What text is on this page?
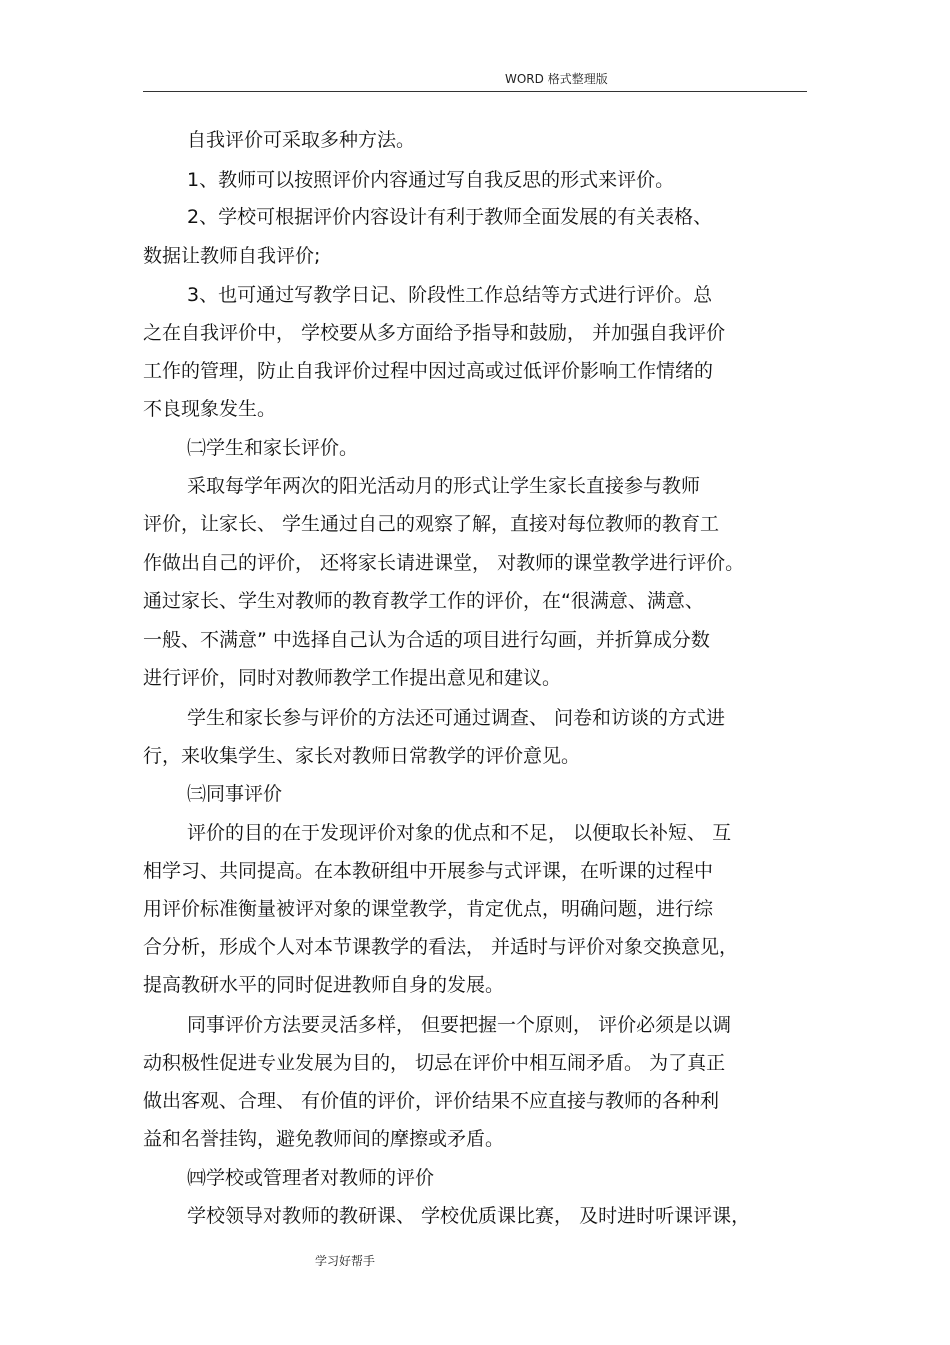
WORD 格式整理版
自我评价可采取多种方法。
1、教师可以按照评价内容通过写自我反思的形式来评价。
2、学校可根据评价内容设计有利于教师全面发展的有关表格、
数据让教师自我评价;
3、也可通过写教学日记、阶段性工作总结等方式进行评价。总
之在自我评价中， 学校要从多方面给予指导和鼓励， 并加强自我评价
工作的管理，防止自我评价过程中因过高或过低评价影响工作情绪的
不良现象发生。
㈡学生和家长评价。
采取每学年两次的阳光活动月的形式让学生家长直接参与教师
评价，让家长、 学生通过自己的观察了解，直接对每位教师的教育工
作做出自己的评价， 还将家长请进课堂， 对教师的课堂教学进行评价。
通过家长、学生对教师的教育教学工作的评价，在“很满意、满意、
一般、不满意” 中选择自己认为合适的项目进行勾画，并折算成分数
进行评价，同时对教师教学工作提出意见和建议。
学生和家长参与评价的方法还可通过调查、 问卷和访谈的方式进
行，来收集学生、家长对教师日常教学的评价意见。
㈢同事评价
评价的目的在于发现评价对象的优点和不足， 以便取长补短、 互
相学习、共同提高。在本教研组中开展参与式评课，在听课的过程中
用评价标准衡量被评对象的课堂教学，肯定优点，明确问题，进行综
合分析，形成个人对本节课教学的看法， 并适时与评价对象交换意见，
提高教研水平的同时促进教师自身的发展。
同事评价方法要灵活多样， 但要把握一个原则， 评价必须是以调
动积极性促进专业发展为目的， 切忌在评价中相互闹矛盾。 为了真正
做出客观、合理、 有价值的评价，评价结果不应直接与教师的各种利
益和名誉挂钩，避免教师间的摩擦或矛盾。
㈣学校或管理者对教师的评价
学校领导对教师的教研课、 学校优质课比赛， 及时进时听课评课，
学习好帮手
